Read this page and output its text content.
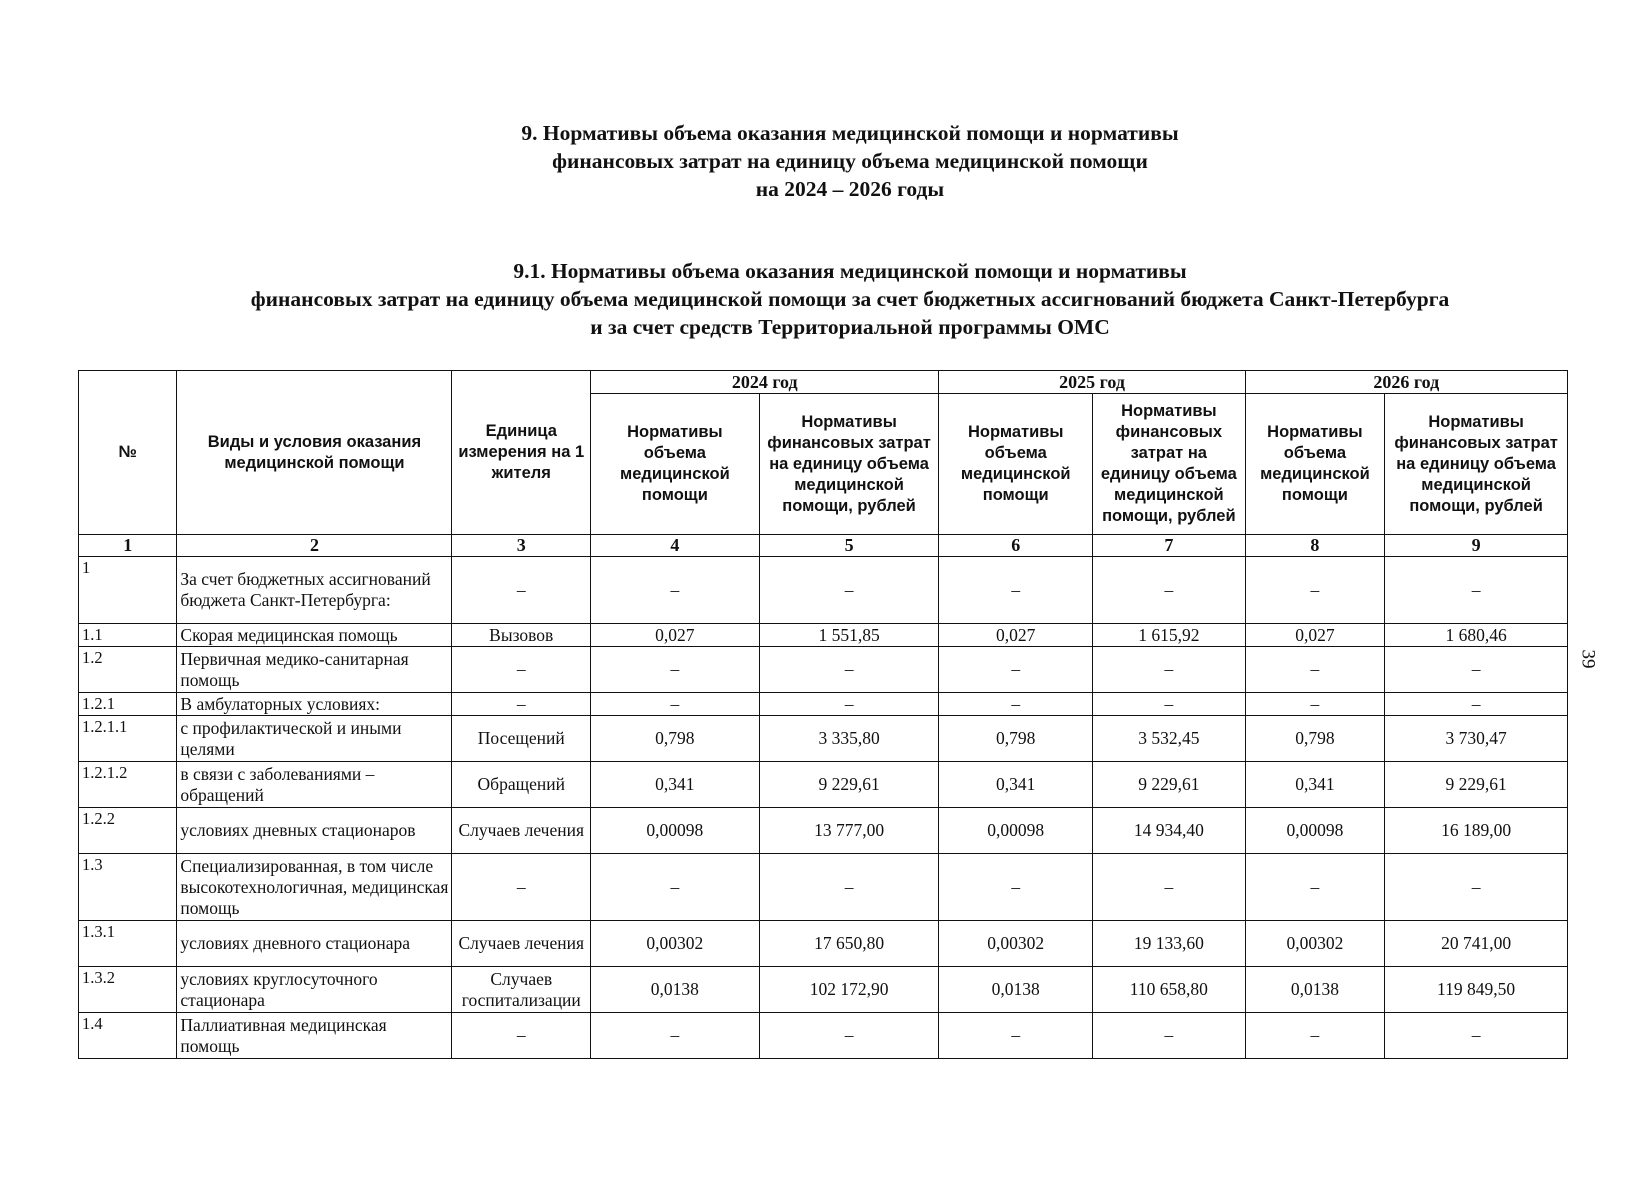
39
9. Нормативы объема оказания медицинской помощи и нормативы
финансовых затрат на единицу объема медицинской помощи
на 2024 – 2026 годы
9.1. Нормативы объема оказания медицинской помощи и нормативы
финансовых затрат на единицу объема медицинской помощи за счет бюджетных ассигнований бюджета Санкт-Петербурга
и за счет средств Территориальной программы ОМС
№	Виды и условия оказания медицинской помощи	Единица измерения на 1 жителя	2024 год		2025 год		2026 год	
			Нормативы объема медицинской помощи	Нормативы финансовых затрат на единицу объема медицинской помощи, рублей	Нормативы объема медицинской помощи	Нормативы финансовых затрат на единицу объема медицинской помощи, рублей	Нормативы объема медицинской помощи	Нормативы финансовых затрат на единицу объема медицинской помощи, рублей
1	2	3	4	5	6	7	8	9
1	За счет бюджетных ассигнований бюджета Санкт-Петербурга:	–	–	–	–	–	–	–
1.1	Скорая медицинская помощь	Вызовов	0,027	1 551,85	0,027	1 615,92	0,027	1 680,46
1.2	Первичная медико-санитарная помощь	–	–	–	–	–	–	–
1.2.1	В амбулаторных условиях:	–	–	–	–	–	–	–
1.2.1.1	с профилактической и иными целями	Посещений	0,798	3 335,80	0,798	3 532,45	0,798	3 730,47
1.2.1.2	в связи с заболеваниями – обращений	Обращений	0,341	9 229,61	0,341	9 229,61	0,341	9 229,61
1.2.2	условиях дневных стационаров	Случаев лечения	0,00098	13 777,00	0,00098	14 934,40	0,00098	16 189,00
1.3	Специализированная, в том числе высокотехнологичная, медицинская помощь	–	–	–	–	–	–	–
1.3.1	условиях дневного стационара	Случаев лечения	0,00302	17 650,80	0,00302	19 133,60	0,00302	20 741,00
1.3.2	условиях круглосуточного стационара	Случаев госпитализации	0,0138	102 172,90	0,0138	110 658,80	0,0138	119 849,50
1.4	Паллиативная медицинская помощь	–	–	–	–	–	–	–
